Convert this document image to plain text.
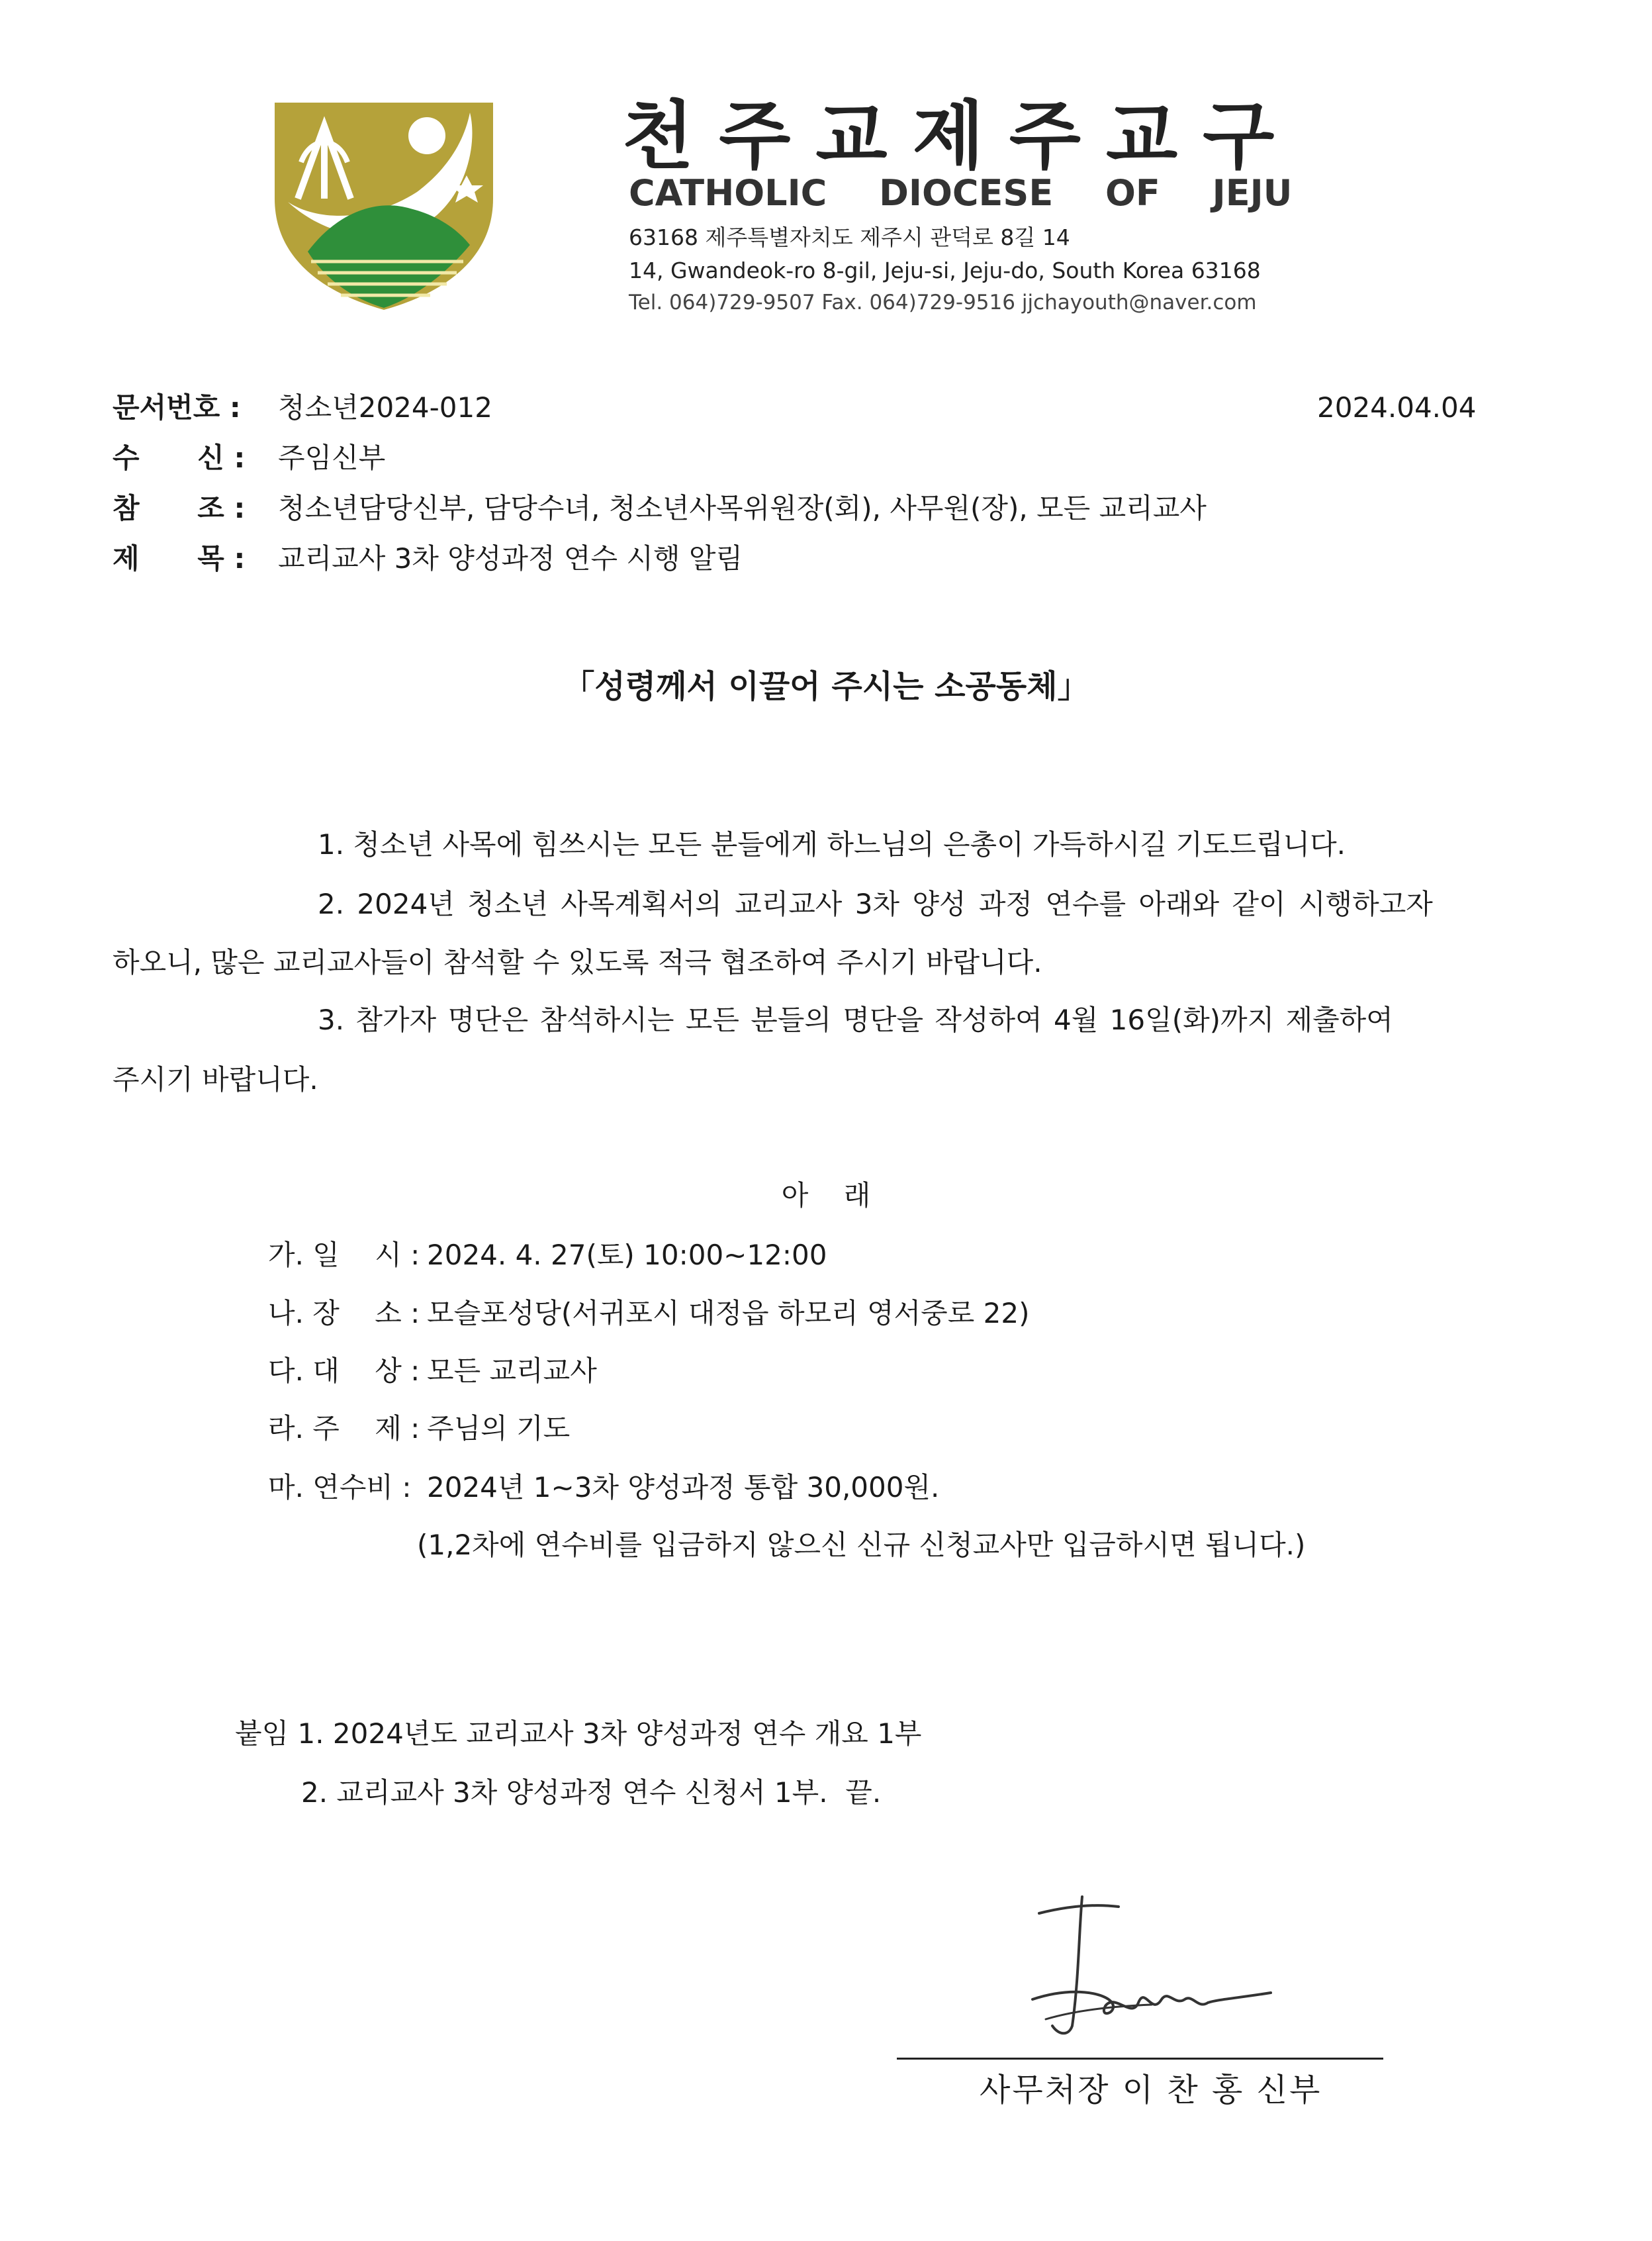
천주교제주교구
CATHOLIC DIOCESE OF JEJU
63168 제주특별자치도 제주시 관덕로 8길 14
14, Gwandeok-ro 8-gil, Jeju-si, Jeju-do, South Korea 63168
Tel. 064)729-9507 Fax. 064)729-9516 jjchayouth@naver.com
문서번호 : 청소년2024-012	2024.04.04
수      신 : 주임신부
참      조 : 청소년담당신부, 담당수녀, 청소년사목위원장(회), 사무원(장), 모든 교리교사
제      목 : 교리교사 3차 양성과정 연수 시행 알림
「성령께서 이끌어 주시는 소공동체」
1. 청소년 사목에 힘쓰시는 모든 분들에게 하느님의 은총이 가득하시길 기도드립니다.
2. 2024년 청소년 사목계획서의 교리교사 3차 양성 과정 연수를 아래와 같이 시행하고자
하오니, 많은 교리교사들이 참석할 수 있도록 적극 협조하여 주시기 바랍니다.
3. 참가자 명단은 참석하시는 모든 분들의 명단을 작성하여 4월 16일(화)까지 제출하여
주시기 바랍니다.
아    래
가. 일    시 : 2024. 4. 27(토) 10:00~12:00
나. 장    소 : 모슬포성당(서귀포시 대정읍 하모리 영서중로 22)
다. 대    상 : 모든 교리교사
라. 주    제 : 주님의 기도
마. 연수비 : 2024년 1~3차 양성과정 통합 30,000원.
(1,2차에 연수비를 입금하지 않으신 신규 신청교사만 입금하시면 됩니다.)
붙임 1. 2024년도 교리교사 3차 양성과정 연수 개요 1부
2. 교리교사 3차 양성과정 연수 신청서 1부.  끝.
사무처장 이 찬 홍 신부
